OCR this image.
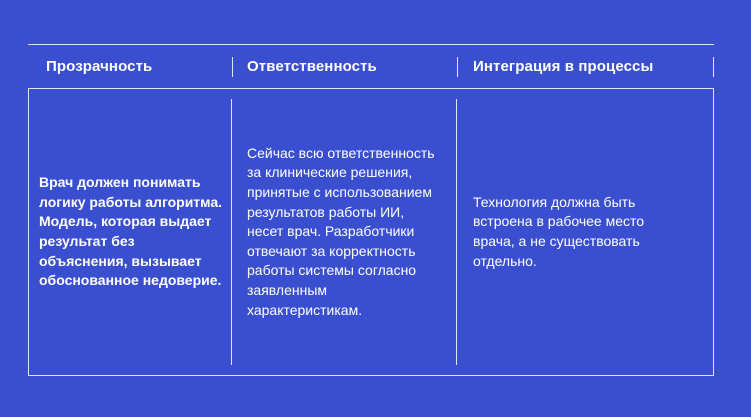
Прозрачность	Ответственность	Интеграция в процессы
Врач должен понимать логику работы алгоритма. Модель, которая выдает результат без объяснения, вызывает обоснованное недоверие.
Сейчас всю ответственность за клинические решения, принятые с использованием результатов работы ИИ, несет врач. Разработчики отвечают за корректность работы системы согласно заявленным характеристикам.
Технология должна быть встроена в рабочее место врача, а не существовать отдельно.
